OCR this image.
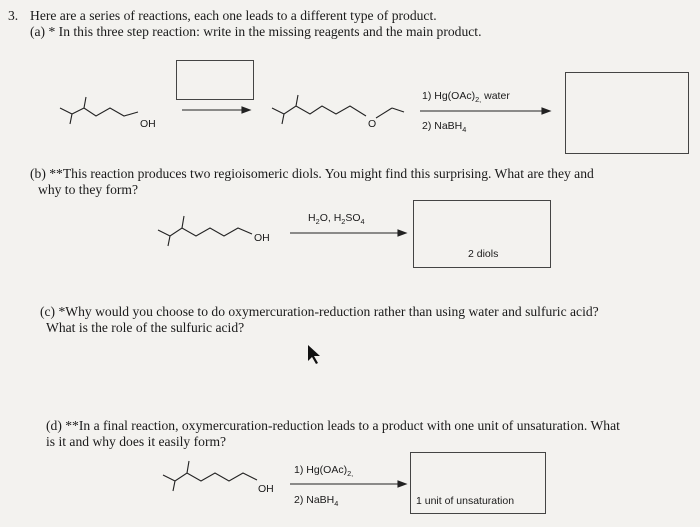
3. Here are a series of reactions, each one leads to a different type of product.
(a) * In this three step reaction: write in the missing reagents and the main product.
OH	O
1) $Hg(OAc)_{2,}$ water
2) NaBH$_4$
(b) **This reaction produces two regioisomeric diols. You might find this surprising. What are they and
why to they form?
OH
$H_2O$, $H_2SO_4$
2 diols
(c) *Why would you choose to do oxymercuration-reduction rather than using water and sulfuric acid?
What is the role of the sulfuric acid?
(d) **In a final reaction, oxymercuration-reduction leads to a product with one unit of unsaturation. What
is it and why does it easily form?
OH
1) $Hg(OAc)_{2,}$
2) NaBH$_4$	1 unit of unsaturation
